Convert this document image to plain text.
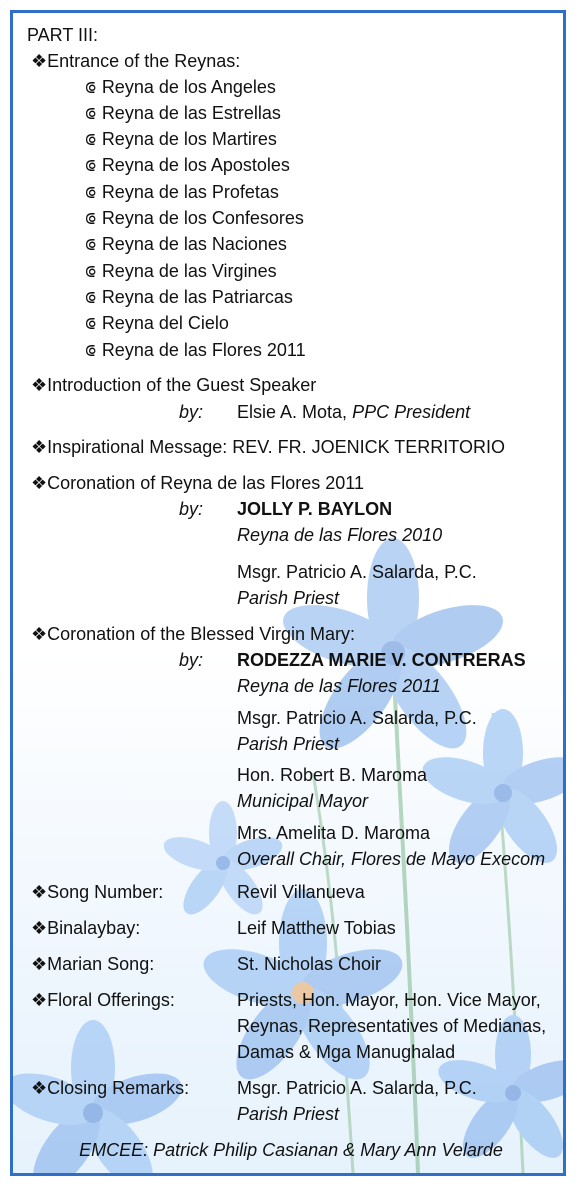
PART III:
❖Entrance of the Reynas:
⟃ Reyna de los Angeles
⟃ Reyna de las Estrellas
⟃ Reyna de los Martires
⟃ Reyna de los Apostoles
⟃ Reyna de las Profetas
⟃ Reyna de los Confesores
⟃ Reyna de las Naciones
⟃ Reyna de las Virgines
⟃ Reyna de las Patriarcas
⟃ Reyna del Cielo
⟃ Reyna de las Flores 2011
❖Introduction of the Guest Speaker
by: Elsie A. Mota, PPC President
❖Inspirational Message: REV. FR. JOENICK TERRITORIO
❖Coronation of Reyna de las Flores 2011
by: JOLLY P. BAYLON
Reyna de las Flores 2010
Msgr. Patricio A. Salarda, P.C.
Parish Priest
❖Coronation of the Blessed Virgin Mary:
by: RODEZZA MARIE V. CONTRERAS
Reyna de las Flores 2011
Msgr. Patricio A. Salarda, P.C.
Parish Priest
Hon. Robert B. Maroma
Municipal Mayor
Mrs. Amelita D. Maroma
Overall Chair, Flores de Mayo Execom
❖Song Number:	Revil Villanueva
❖Binalaybay:	Leif Matthew Tobias
❖Marian Song:	St. Nicholas Choir
❖Floral Offerings:	Priests, Hon. Mayor, Hon. Vice Mayor,
Reynas, Representatives of Medianas,
Damas & Mga Manughalad
❖Closing Remarks:	Msgr. Patricio A. Salarda, P.C.
Parish Priest
EMCEE: Patrick Philip Casianan & Mary Ann Velarde
